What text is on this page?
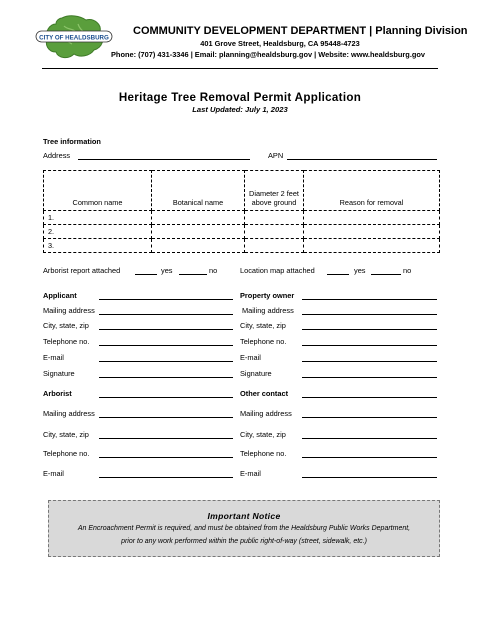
CITY OF HEALDSBURG
COMMUNITY DEVELOPMENT DEPARTMENT | Planning Division
401 Grove Street, Healdsburg, CA 95448-4723
Phone: (707) 431-3346 | Email: planning@healdsburg.gov | Website: www.healdsburg.gov
Heritage Tree Removal Permit Application
Last Updated: July 1, 2023
Tree information
Address	APN
Common name	Botanical name	Diameter 2 feet above ground	Reason for removal
1.			
2.			
3.			
Arborist report attached	yes	no	Location map attached	yes	no
Applicant	Property owner
Mailing address	Mailing address
City, state, zip	City, state, zip
Telephone no.	Telephone no.
E-mail	E-mail
Signature	Signature
Arborist	Other contact
Mailing address	Mailing address
City, state, zip	City, state, zip
Telephone no.	Telephone no.
E-mail	E-mail
Important Notice
An Encroachment Permit is required, and must be obtained from the Healdsburg Public Works Department,
prior to any work performed within the public right-of-way (street, sidewalk, etc.)
